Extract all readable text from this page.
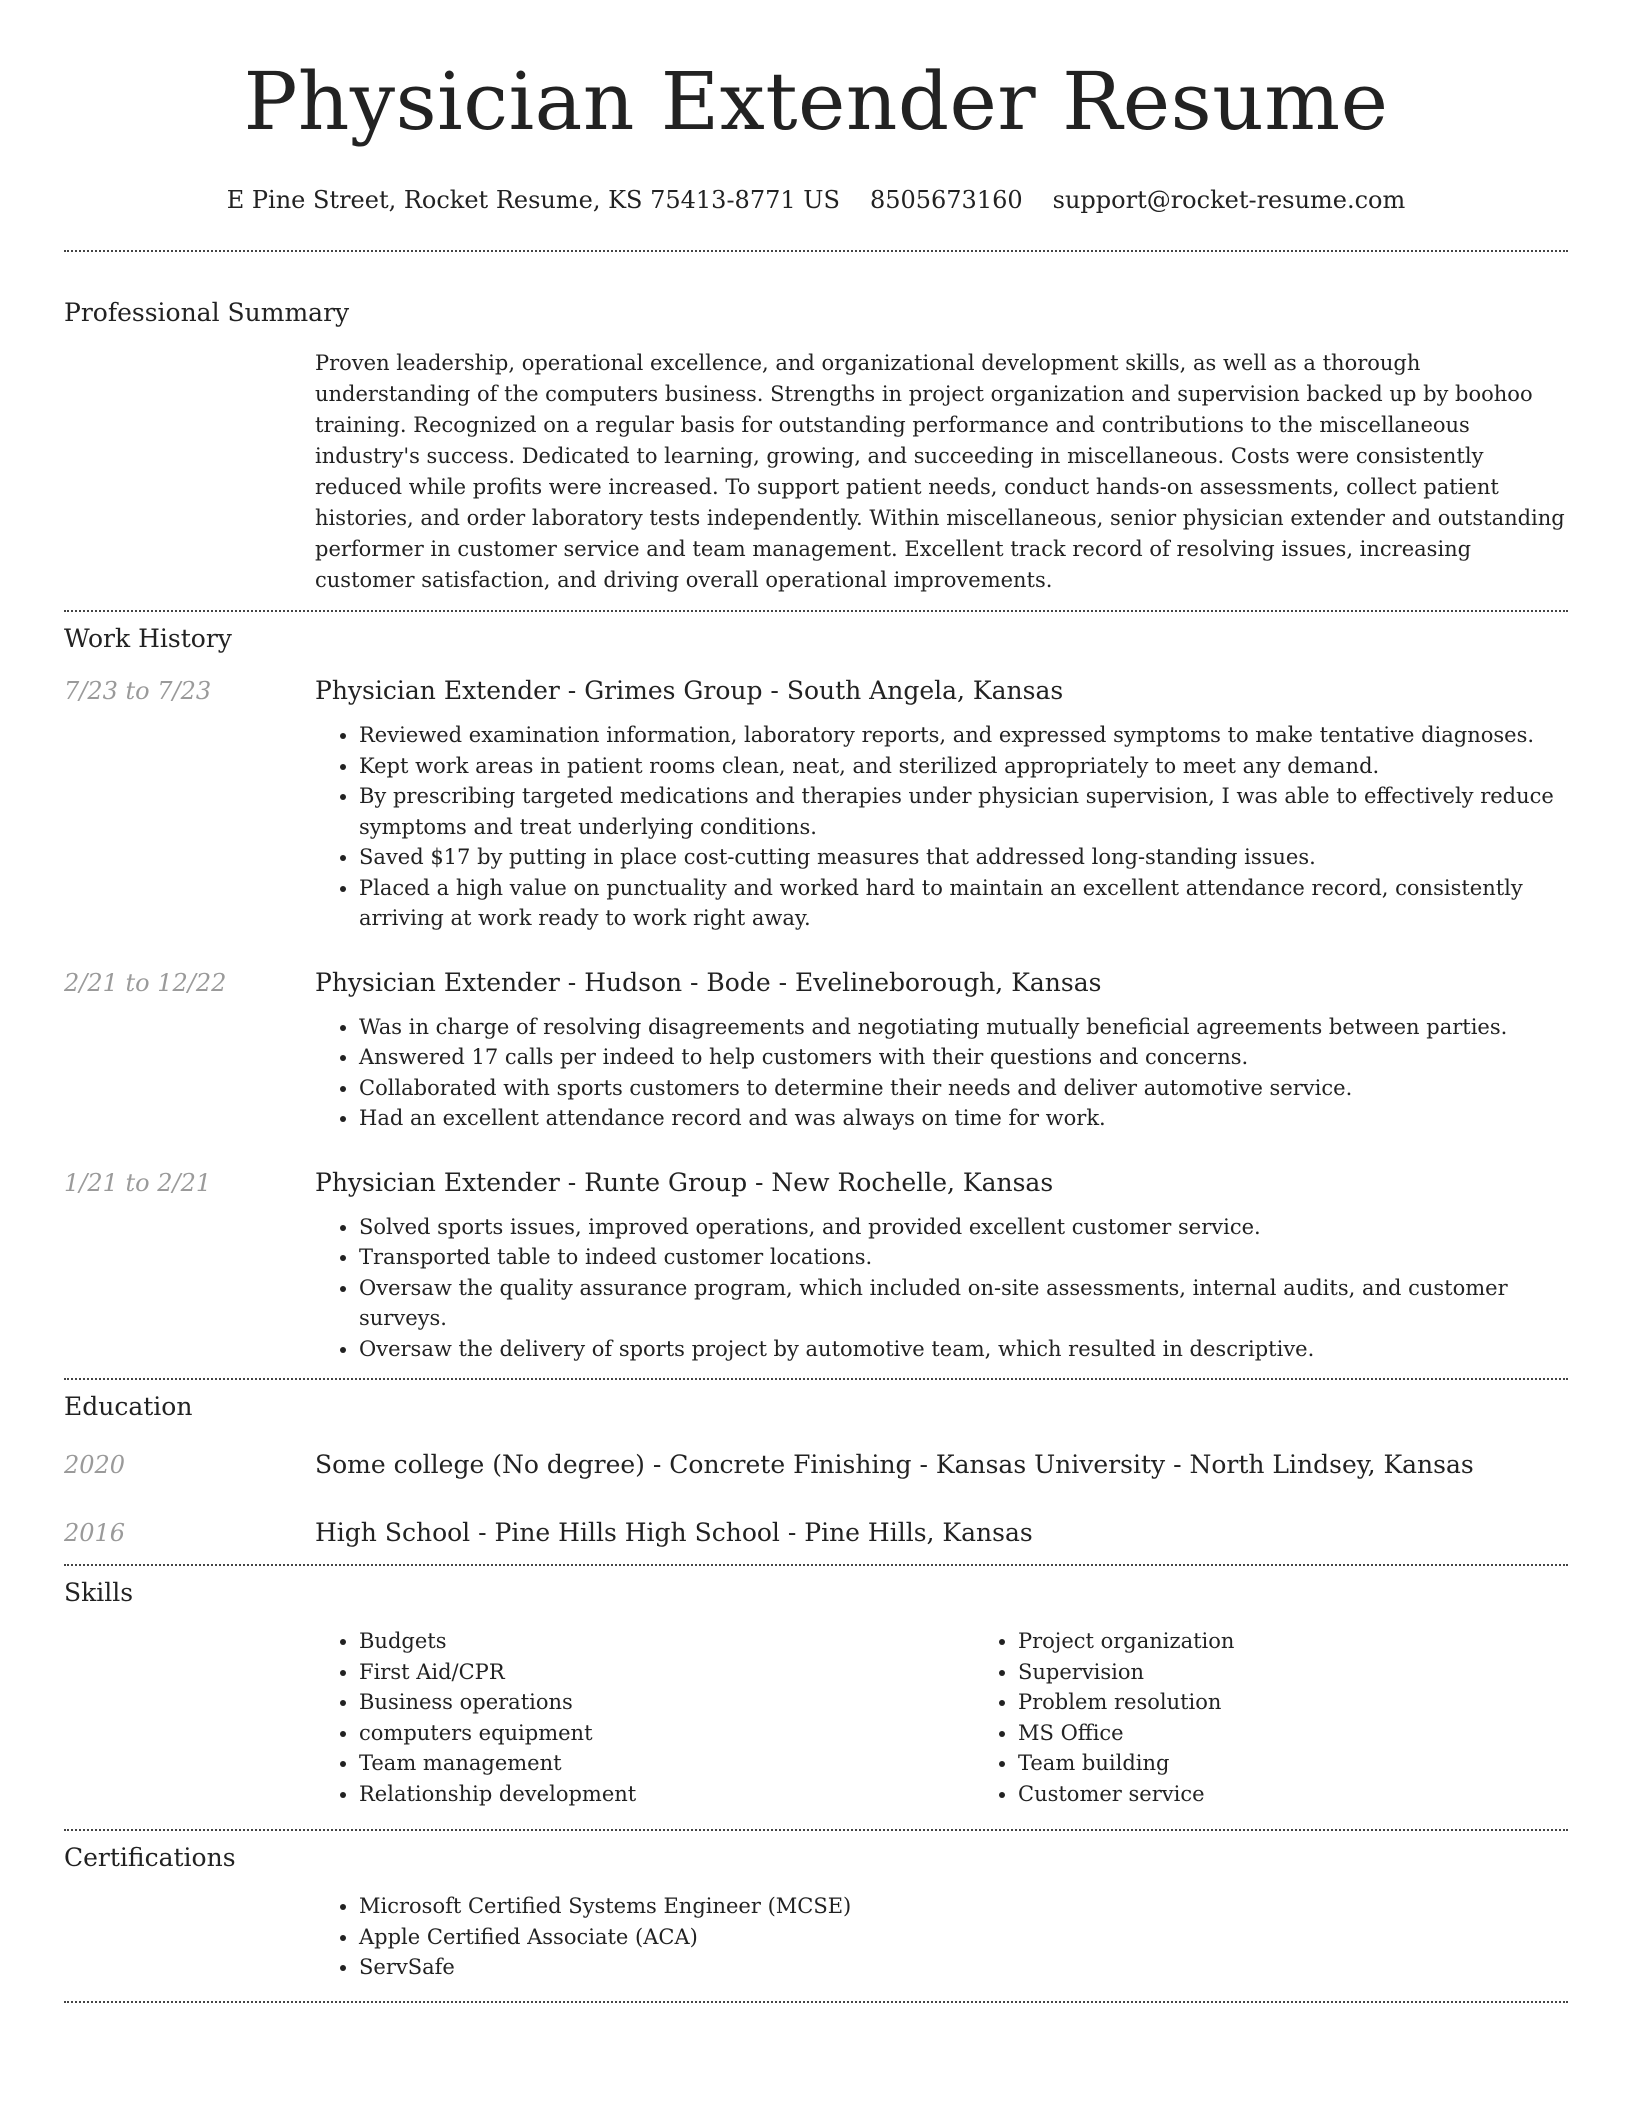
Physician Extender Resume
E Pine Street, Rocket Resume, KS 75413-8771 US 8505673160 support@rocket-resume.com
Professional Summary
Proven leadership, operational excellence, and organizational development skills, as well as a thorough understanding of the computers business. Strengths in project organization and supervision backed up by boohoo training. Recognized on a regular basis for outstanding performance and contributions to the miscellaneous industry's success. Dedicated to learning, growing, and succeeding in miscellaneous. Costs were consistently reduced while profits were increased. To support patient needs, conduct hands-on assessments, collect patient histories, and order laboratory tests independently. Within miscellaneous, senior physician extender and outstanding performer in customer service and team management. Excellent track record of resolving issues, increasing customer satisfaction, and driving overall operational improvements.
Work History
7/23 to 7/23	Physician Extender - Grimes Group - South Angela, Kansas
• Reviewed examination information, laboratory reports, and expressed symptoms to make tentative diagnoses.
• Kept work areas in patient rooms clean, neat, and sterilized appropriately to meet any demand.
• By prescribing targeted medications and therapies under physician supervision, I was able to effectively reduce symptoms and treat underlying conditions.
• Saved $17 by putting in place cost-cutting measures that addressed long-standing issues.
• Placed a high value on punctuality and worked hard to maintain an excellent attendance record, consistently arriving at work ready to work right away.
2/21 to 12/22	Physician Extender - Hudson - Bode - Evelineborough, Kansas
• Was in charge of resolving disagreements and negotiating mutually beneficial agreements between parties.
• Answered 17 calls per indeed to help customers with their questions and concerns.
• Collaborated with sports customers to determine their needs and deliver automotive service.
• Had an excellent attendance record and was always on time for work.
1/21 to 2/21	Physician Extender - Runte Group - New Rochelle, Kansas
• Solved sports issues, improved operations, and provided excellent customer service.
• Transported table to indeed customer locations.
• Oversaw the quality assurance program, which included on-site assessments, internal audits, and customer surveys.
• Oversaw the delivery of sports project by automotive team, which resulted in descriptive.
Education
2020	Some college (No degree) - Concrete Finishing - Kansas University - North Lindsey, Kansas
2016	High School - Pine Hills High School - Pine Hills, Kansas
Skills
• Budgets
• First Aid/CPR
• Business operations
• computers equipment
• Team management
• Relationship development
• Project organization
• Supervision
• Problem resolution
• MS Office
• Team building
• Customer service
Certifications
• Microsoft Certified Systems Engineer (MCSE)
• Apple Certified Associate (ACA)
• ServSafe
